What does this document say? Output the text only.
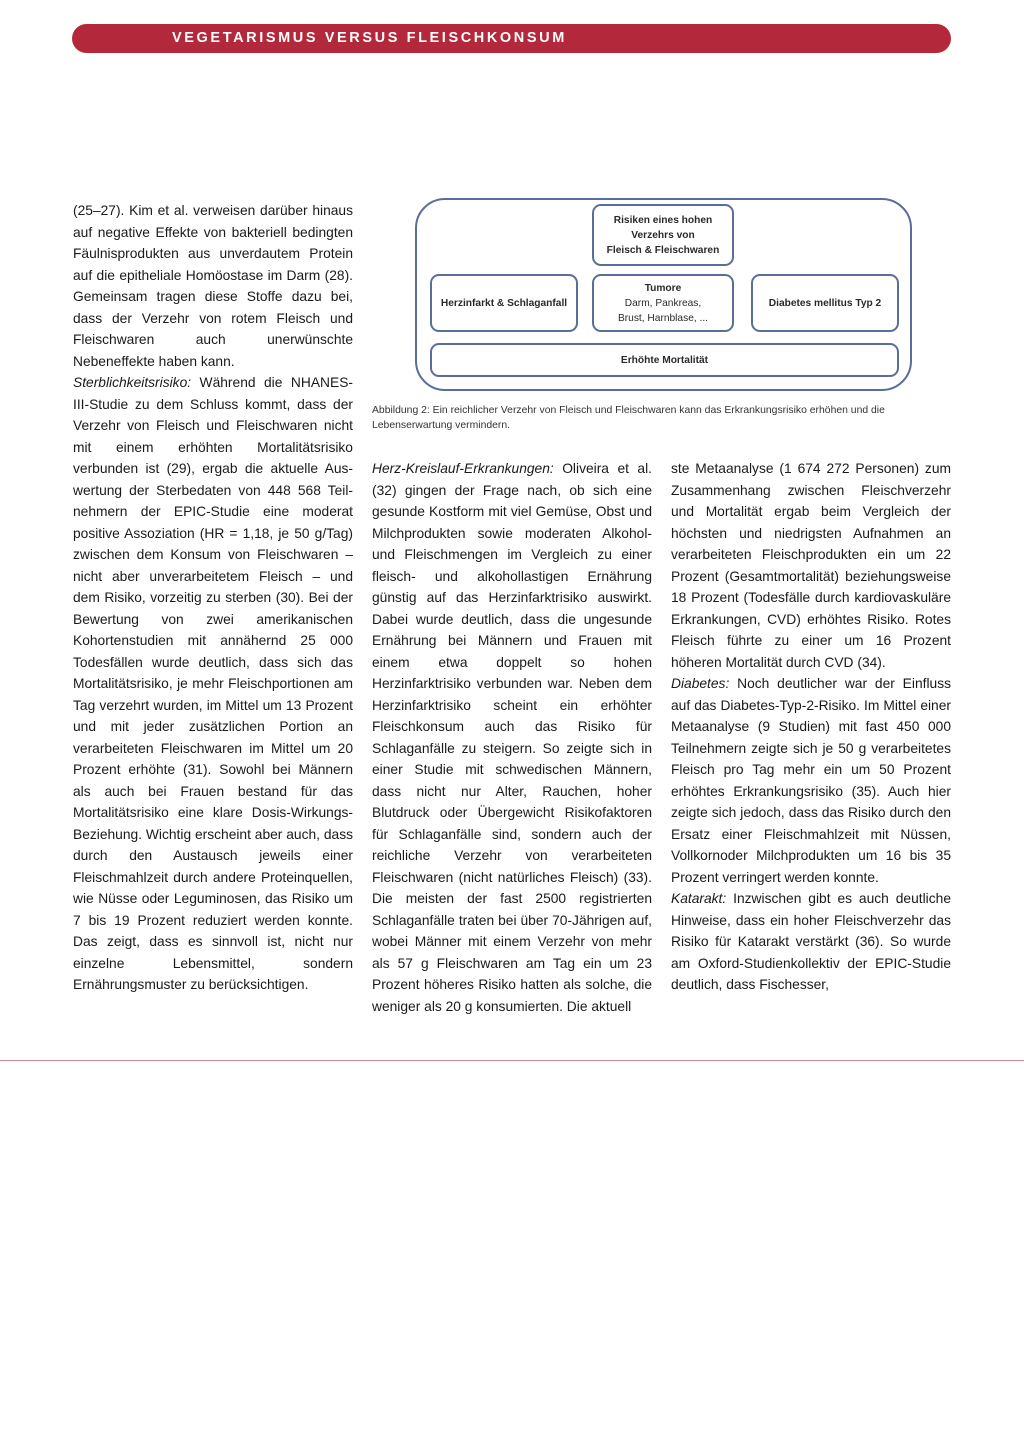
VEGETARISMUS VERSUS FLEISCHKONSUM

(25–27). Kim et al. verweisen darüber hinaus auf negative Effekte von bakteriell bedingten Fäulnisprodukten aus unverdautem Protein auf die epitheliale Homöostase im Darm (28). Gemeinsam tragen diese Stoffe dazu bei, dass der Verzehr von rotem Fleisch und Fleischwaren auch unerwünschte Nebeneffekte haben kann.

Sterblichkeitsrisiko: Während die NHANES-III-Studie zu dem Schluss kommt, dass der Verzehr von Fleisch und Fleischwaren nicht mit einem erhöhten Mortalitätsrisiko verbunden ist (29), ergab die aktuelle Auswertung der Sterbedaten von 448 568 Teilnehmern der EPIC-Studie eine moderat positive Assoziation (HR = 1,18, je 50 g/Tag) zwischen dem Konsum von Fleischwaren – nicht aber unverarbeitetem Fleisch – und dem Risiko, vorzeitig zu sterben (30). Bei der Bewertung von zwei amerikanischen Kohortenstudien mit annähernd 25 000 Todesfällen wurde deutlich, dass sich das Mortalitätsrisiko, je mehr Fleischportionen am Tag verzehrt wurden, im Mittel um 13 Prozent und mit jeder zusätzlichen Portion an verarbeiteten Fleischwaren im Mittel um 20 Prozent erhöhte (31). Sowohl bei Männern als auch bei Frauen bestand für das Mortalitätsrisiko eine klare Dosis-Wirkungs-Beziehung. Wichtig erscheint aber auch, dass durch den Austausch jeweils einer Fleischmahlzeit durch andere Proteinquellen, wie Nüsse oder Leguminosen, das Risiko um 7 bis 19 Prozent reduziert werden konnte. Das zeigt, dass es sinnvoll ist, nicht nur einzelne Lebensmittel, sondern Ernährungsmuster zu berücksichtigen.

Risiken eines hohen
Verzehrs von
Fleisch & Fleischwaren
Herzinfarkt & Schlaganfall
Tumore
Darm, Pankreas,
Brust, Harnblase, ...
Diabetes mellitus Typ 2
Erhöhte Mortalität
Abbildung 2: Ein reichlicher Verzehr von Fleisch und Fleischwaren kann das Erkrankungsrisiko erhöhen und die Lebenserwartung vermindern.

Herz-Kreislauf-Erkrankungen: Oliveira et al. (32) gingen der Frage nach, ob sich eine gesunde Kostform mit viel Gemüse, Obst und Milchprodukten sowie moderaten Alkohol- und Fleischmengen im Vergleich zu einer fleisch- und alkohollastigen Ernährung günstig auf das Herzinfarktrisiko auswirkt. Dabei wurde deutlich, dass die ungesunde Ernährung bei Männern und Frauen mit einem etwa doppelt so hohen Herzinfarktrisiko verbunden war. Neben dem Herzinfarktrisiko scheint ein erhöhter Fleischkonsum auch das Risiko für Schlaganfälle zu steigern. So zeigte sich in einer Studie mit schwedischen Männern, dass nicht nur Alter, Rauchen, hoher Blutdruck oder Übergewicht Risikofaktoren für Schlaganfälle sind, sondern auch der reichliche Verzehr von verarbeiteten Fleischwaren (nicht natürliches Fleisch) (33). Die meisten der fast 2500 registrierten Schlaganfälle traten bei über 70-Jährigen auf, wobei Männer mit einem Verzehr von mehr als 57 g Fleischwaren am Tag ein um 23 Prozent höheres Risiko hatten als solche, die weniger als 20 g konsumierten. Die aktuell

ste Metaanalyse (1 674 272 Personen) zum Zusammenhang zwischen Fleischverzehr und Mortalität ergab beim Vergleich der höchsten und niedrigsten Aufnahmen an verarbeiteten Fleischprodukten ein um 22 Prozent (Gesamtmortalität) beziehungsweise 18 Prozent (Todesfälle durch kardiovaskuläre Erkrankungen, CVD) erhöhtes Risiko. Rotes Fleisch führte zu einer um 16 Prozent höheren Mortalität durch CVD (34).

Diabetes: Noch deutlicher war der Einfluss auf das Diabetes-Typ-2-Risiko. Im Mittel einer Metaanalyse (9 Studien) mit fast 450 000 Teilnehmern zeigte sich je 50 g verarbeitetes Fleisch pro Tag mehr ein um 50 Prozent erhöhtes Erkrankungsrisiko (35). Auch hier zeigte sich jedoch, dass das Risiko durch den Ersatz einer Fleischmahlzeit mit Nüssen, Vollkornoder Milchprodukten um 16 bis 35 Prozent verringert werden konnte.

Katarakt: Inzwischen gibt es auch deutliche Hinweise, dass ein hoher Fleischverzehr das Risiko für Katarakt verstärkt (36). So wurde am Oxford-Studienkollektiv der EPIC-Studie deutlich, dass Fischesser,
